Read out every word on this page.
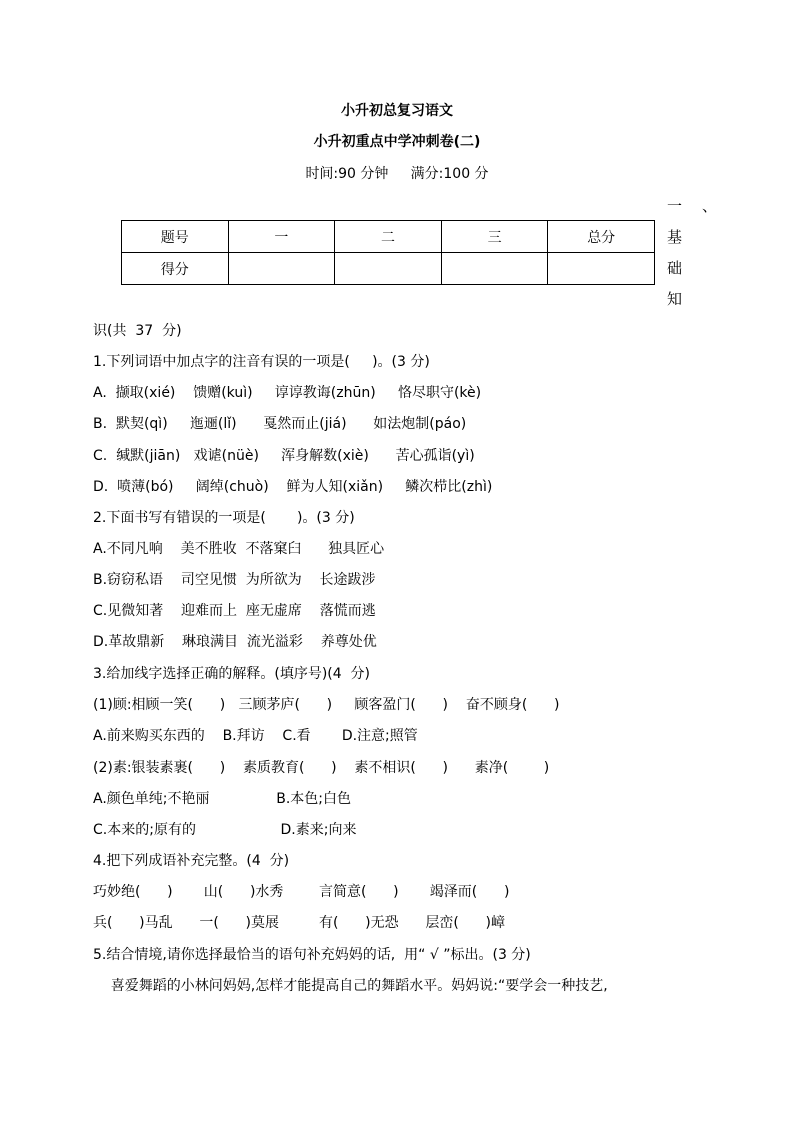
小升初总复习语文
小升初重点中学冲刺卷(二)
时间:90 分钟     满分:100 分
题号	一	二	三	总分
得分				
一 、
基
础
知
识(共  37  分)
1.下列词语中加点字的注音有误的一项是(     )。(3 分)
A.  撷取(xié)    馈赠(kuì)     谆谆教诲(zhūn)     恪尽职守(kè)
B.  默契(qì)     迤逦(lǐ)      戛然而止(jiá)      如法炮制(páo)
C.  缄默(jiān)   戏谑(nüè)     浑身解数(xiè)      苦心孤诣(yì)
D.  喷薄(bó)     阔绰(chuò)    鲜为人知(xiǎn)     鳞次栉比(zhì)
2.下面书写有错误的一项是(       )。(3 分)
A.不同凡响    美不胜收  不落窠臼      独具匠心
B.窃窃私语    司空见惯  为所欲为    长途跋涉
C.见微知著    迎难而上  座无虚席    落慌而逃
D.革故鼎新    琳琅满目  流光溢彩    养尊处优
3.给加线字选择正确的解释。(填序号)(4  分)
(1)顾:相顾一笑(      )   三顾茅庐(      )     顾客盈门(      )    奋不顾身(      )
A.前来购买东西的    B.拜访    C.看       D.注意;照管
(2)素:银装素裹(      )    素质教育(      )    素不相识(      )      素净(        )
A.颜色单纯;不艳丽               B.本色;白色
C.本来的;原有的                   D.素来;向来
4.把下列成语补充完整。(4  分)
巧妙绝(      )       山(      )水秀        言简意(      )       竭泽而(      )
兵(      )马乱      一(      )莫展         有(      )无恐      层峦(      )嶂
5.结合情境,请你选择最恰当的语句补充妈妈的话,  用“ √ ”标出。(3 分)
喜爱舞蹈的小林问妈妈,怎样才能提高自己的舞蹈水平。妈妈说:“要学会一种技艺,
